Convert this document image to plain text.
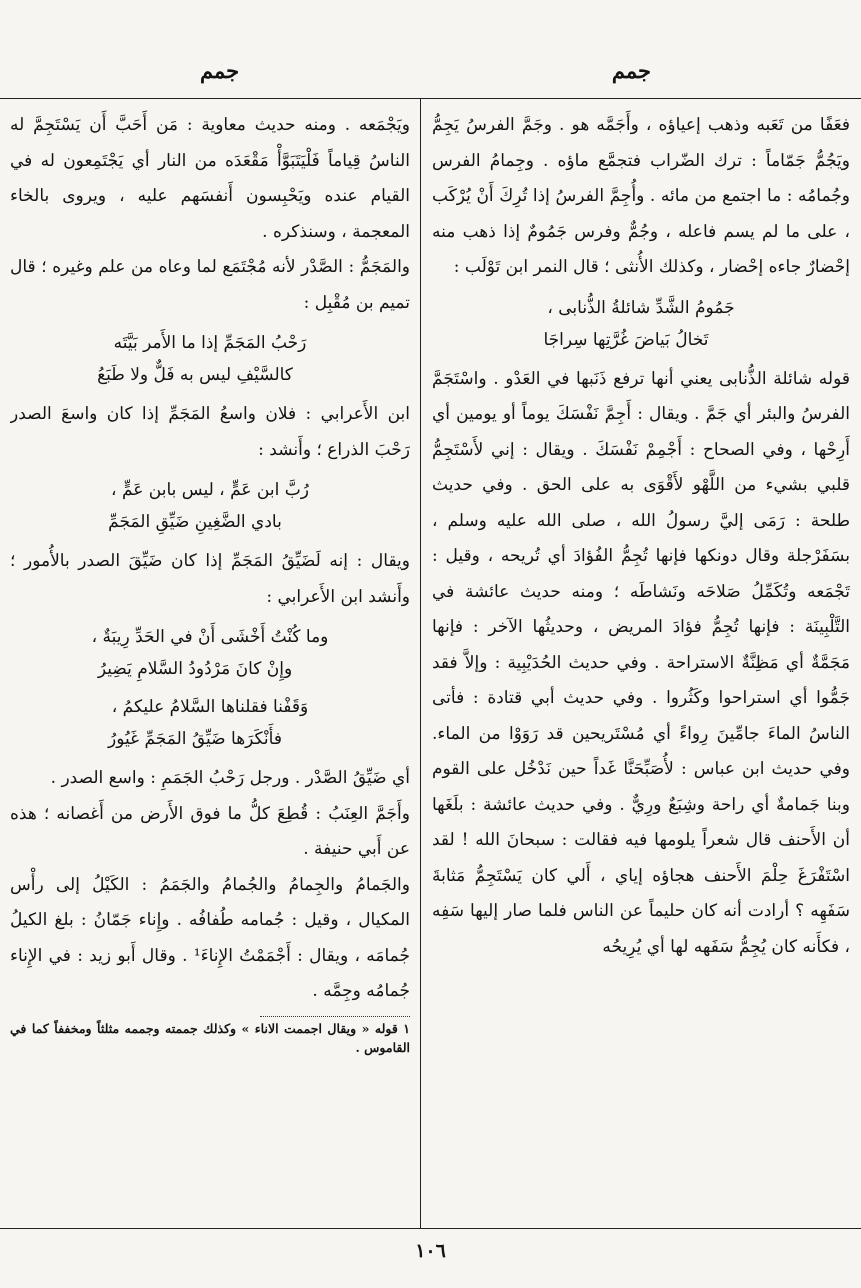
جمم
جمم

فعَفًا من تَعَبه وذهب إعياؤه ، وأَجَمَّه هو . وجَمَّ الفرسُ يَجِمُّ ويَجُمُّ جَمّاماً : ترك الضّراب فتجمَّع ماؤه . وجِمامُ الفرس وجُمامُه : ما اجتمع من مائه . وأُجِمَّ الفرسُ إذا تُرِكَ أَنْ يُرْكَب ، على ما لم يسم فاعله ، وجُمٌّ وفرس جَمُومٌ إذا ذهب منه إحْضارٌ جاءه إحْضار ، وكذلك الأُنثى ؛ قال النمر ابن تَوْلَب :

جَمُومُ الشَّدِّ شائلةُ الذُّنابى ،
تَخالُ بَياضَ غُرَّتِها سِراجَا

قوله شائلة الذُّنابى يعني أنها ترفع ذَنَبها في العَدْو . واسْتَجَمَّ الفرسُ والبئر أي جَمَّ . ويقال : أَجِمَّ نَفْسَكَ يوماً أو يومين أي أَرِحْها ، وفي الصحاح : أَجْمِمْ نَفْسَكَ . ويقال : إني لأَسْتَجِمُّ قلبي بشيء من اللَّهْو لأَقْوَى به على الحق . وفي حديث طلحة : رَمَى إليَّ رسولُ الله ، صلى الله عليه وسلم ، بسَفَرْجلة وقال دونكها فإنها تُجِمُّ الفُؤادَ أي تُريحه ، وقيل : تَجْمَعه وتُكَمِّلُ صَلاحَه ونَشاطَه ؛ ومنه حديث عائشة في التَّلْبِينَة : فإنها تُجِمُّ فؤادَ المريض ، وحديثُها الآخر : فإنها مَجَمَّةٌ أي مَظِنَّةٌ الاستراحة . وفي حديث الحُدَيْبِية : وإلاَّ فقد جَمُّوا أي استراحوا وكَثُروا . وفي حديث أبي قتادة : فأتى الناسُ الماءَ جامِّينَ رِواءً أي مُسْتَريحين قد رَوَوْا من الماء. وفي حديث ابن عباس : لأُصَبِّحَنَّا غَداً حين نَدْخُل على القوم وبنا جَمامةٌ أي راحة وشِبَعٌ ورِيٌّ . وفي حديث عائشة : بلَغَها أن الأَحنف قال شعراً يلومها فيه فقالت : سبحانَ الله ! لقد اسْتَفْرَغَ حِلْمَ الأَحنف هجاؤه إياي ، أَلي كان يَسْتَجِمُّ مَثابةَ سَفَهِه ؟ أرادت أنه كان حليماً عن الناس فلما صار إليها سَفِه ، فكأَنه كان يُجِمُّ سَفَهه لها أي يُرِيحُه

ويَجْمَعه . ومنه حديث معاوية : مَن أَحَبَّ أَن يَسْتَجِمَّ له الناسُ قِياماً فَلْيَتَبَوَّأْ مَقْعَدَه من النار أي يَجْتَمِعون له في القيام عنده ويَحْبِسون أَنفسَهم عليه ، ويروى بالخاء المعجمة ، وسنذكره .

والمَجَمُّ : الصَّدْر لأنه مُجْتَمَع لما وعاه من علم وغيره ؛ قال تميم بن مُقْبِل :

رَحْبُ المَجَمِّ إذا ما الأَمر بَيَّتَه
كالسَّيْفِ ليس به فَلٌّ ولا طَبَعُ

ابن الأَعرابي : فلان واسعُ المَجَمِّ إذا كان واسعَ الصدر رَحْبَ الذراع ؛ وأَنشد :

رُبَّ ابن عَمٍّ ، ليس بابن عَمٍّ ،
بادي الضَّغِينِ ضَيِّقِ المَجَمِّ

ويقال : إنه لَضَيِّقُ المَجَمِّ إذا كان ضَيِّقَ الصدر بالأُمور ؛ وأَنشد ابن الأَعرابي :

وما كُنْتُ أَخْشَى أَنْ في الحَدِّ رِيبَةٌ ،
وإِنْ كانَ مَرْدُودُ السَّلامِ يَضِيرُ
وَقَفْنا فقلناها السَّلامُ عليكمُ ،
فأَنْكَرَها ضَيِّقُ المَجَمِّ غَيُورُ

أي ضَيِّقُ الصَّدْر . ورجل رَحْبُ الجَمَمِ : واسع الصدر .

وأَجَمَّ العِنَبُ : قُطِعَ كلُّ ما فوق الأَرض من أَغصانه ؛ هذه عن أَبي حنيفة .

والجَمامُ والجِمامُ والجُمامُ والجَمَمُ : الكَيْلُ إلى رأْس المكيال ، وقيل : جُمامه طُفافُه . وإِناء جَمّانُ : بلغ الكيلُ جُمامَه ، ويقال : أَجْمَمْتُ الإِناءَ¹ . وقال أَبو زيد : في الإِناء جُمامُه وجِمَّه .

١ قوله « ويقال اجممت الاناء » وكذلك جممته وجممه مثلثاً ومخففاً كما في القاموس .

١٠٦
